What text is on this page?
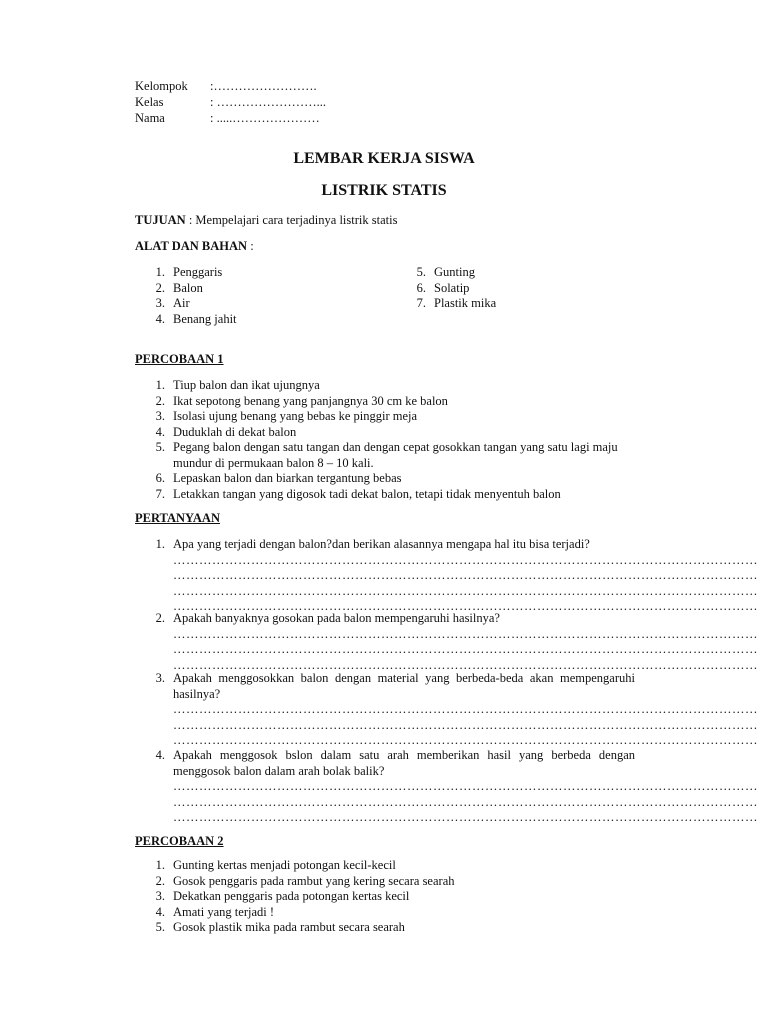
Kelompok	:…………………….
Kelas	: ……………………...
Nama	: .....…………………
LEMBAR KERJA SISWA
LISTRIK STATIS
TUJUAN : Mempelajari cara terjadinya listrik statis
ALAT DAN BAHAN :
1. Penggaris
2. Balon
3. Air
4. Benang jahit
5. Gunting
6. Solatip
7. Plastik mika
PERCOBAAN 1
1. Tiup balon dan ikat ujungnya
2. Ikat sepotong benang yang panjangnya 30 cm ke balon
3. Isolasi ujung benang yang bebas ke pinggir meja
4. Duduklah di dekat balon
5. Pegang balon dengan satu tangan dan dengan cepat gosokkan tangan yang satu lagi maju mundur di permukaan balon 8 – 10 kali.
6. Lepaskan balon dan biarkan tergantung bebas
7. Letakkan tangan yang digosok tadi dekat balon, tetapi tidak menyentuh balon
PERTANYAAN
1. Apa yang terjadi dengan balon?dan berikan alasannya mengapa hal itu bisa terjadi?
………………………………………………………………………………………………………………………
………………………………………………………………………………………………………………………
………………………………………………………………………………………………………………………
………………………………………………………………………………………………………………………
2. Apakah banyaknya gosokan pada balon mempengaruhi hasilnya?
………………………………………………………………………………………………………………………
………………………………………………………………………………………………………………………
………………………………………………………………………………………………………………………
3. Apakah menggosokkan balon dengan material yang berbeda-beda akan mempengaruhi hasilnya?
………………………………………………………………………………………………………………………
………………………………………………………………………………………………………………………
………………………………………………………………………………………………………………………
4. Apakah menggosok bslon dalam satu arah memberikan hasil yang berbeda dengan menggosok balon dalam arah bolak balik?
………………………………………………………………………………………………………………………
………………………………………………………………………………………………………………………
………………………………………………………………………………………………………………………
PERCOBAAN 2
1. Gunting kertas menjadi potongan kecil-kecil
2. Gosok penggaris pada rambut yang kering secara searah
3. Dekatkan penggaris pada potongan kertas kecil
4. Amati yang terjadi !
5. Gosok plastik mika pada rambut secara searah
